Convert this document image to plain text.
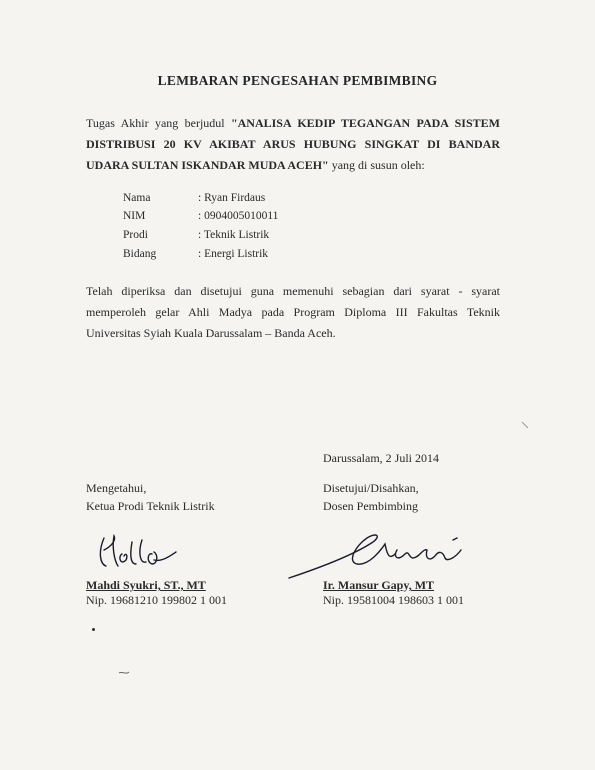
LEMBARAN PENGESAHAN PEMBIMBING
Tugas Akhir yang berjudul "ANALISA KEDIP TEGANGAN PADA SISTEM DISTRIBUSI 20 KV AKIBAT ARUS HUBUNG SINGKAT DI BANDAR UDARA SULTAN ISKANDAR MUDA ACEH" yang di susun oleh:
Nama	: Ryan Firdaus
NIM	: 0904005010011
Prodi	: Teknik Listrik
Bidang	: Energi Listrik
Telah diperiksa dan disetujui guna memenuhi sebagian dari syarat - syarat memperoleh gelar Ahli Madya pada Program Diploma III Fakultas Teknik Universitas Syiah Kuala Darussalam – Banda Aceh.
Darussalam, 2 Juli 2014
Mengetahui,
Ketua Prodi Teknik Listrik
Mahdi Syukri, ST., MT
Nip. 19681210 199802 1 001
Disetujui/Disahkan,
Dosen Pembimbing
Ir. Mansur Gapy, MT
Nip. 19581004 198603 1 001
